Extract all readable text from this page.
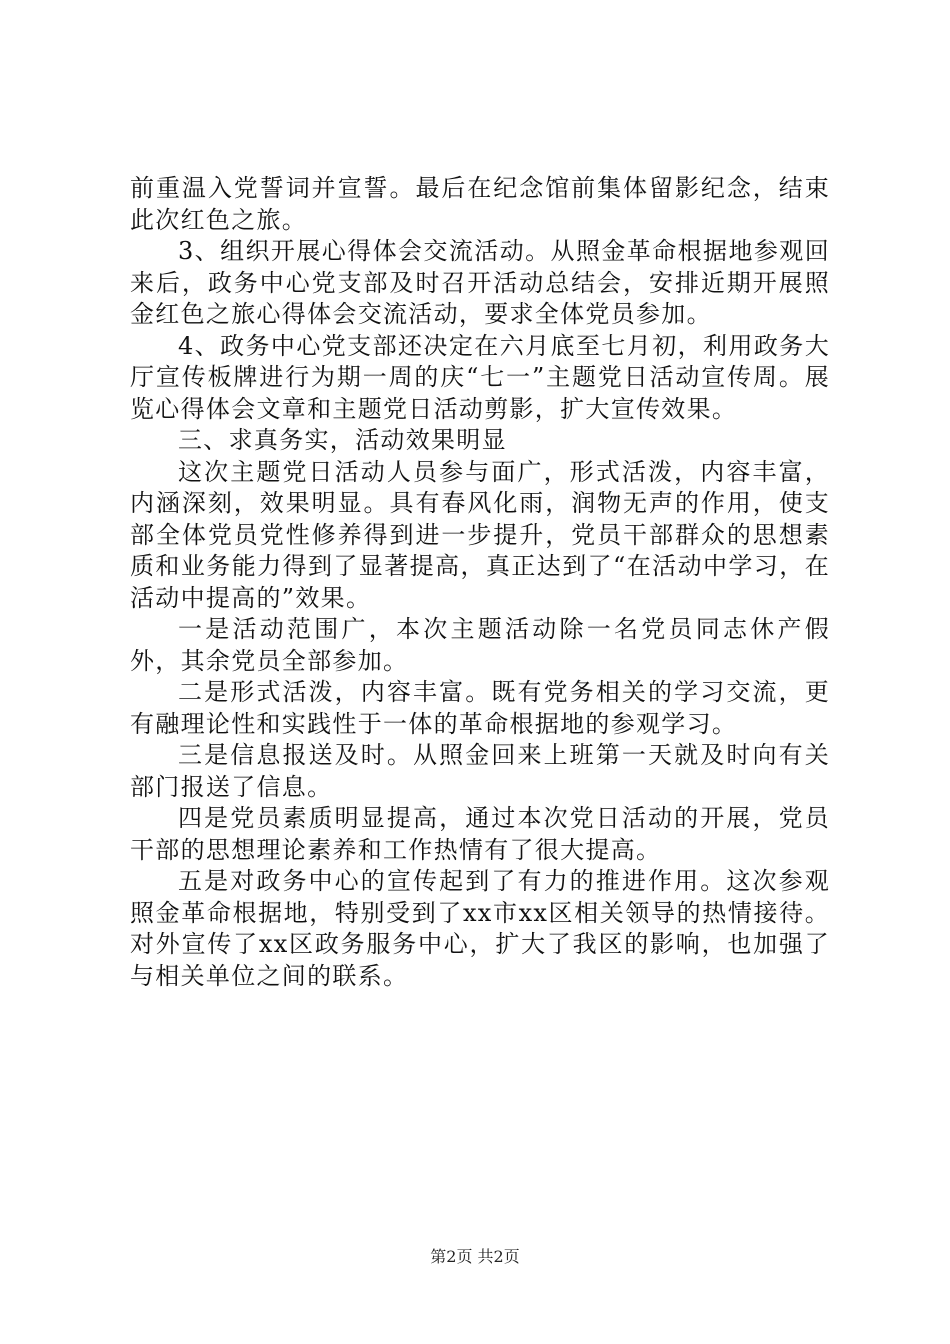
前重温入党誓词并宣誓。最后在纪念馆前集体留影纪念，结束此次红色之旅。

3、组织开展心得体会交流活动。从照金革命根据地参观回来后，政务中心党支部及时召开活动总结会，安排近期开展照金红色之旅心得体会交流活动，要求全体党员参加。

4、政务中心党支部还决定在六月底至七月初，利用政务大厅宣传板牌进行为期一周的庆“七一”主题党日活动宣传周。展览心得体会文章和主题党日活动剪影，扩大宣传效果。

三、求真务实，活动效果明显

这次主题党日活动人员参与面广，形式活泼，内容丰富，内涵深刻，效果明显。具有春风化雨，润物无声的作用，使支部全体党员党性修养得到进一步提升，党员干部群众的思想素质和业务能力得到了显著提高，真正达到了“在活动中学习，在活动中提高的”效果。

一是活动范围广，本次主题活动除一名党员同志休产假外，其余党员全部参加。

二是形式活泼，内容丰富。既有党务相关的学习交流，更有融理论性和实践性于一体的革命根据地的参观学习。

三是信息报送及时。从照金回来上班第一天就及时向有关部门报送了信息。

四是党员素质明显提高，通过本次党日活动的开展，党员干部的思想理论素养和工作热情有了很大提高。

五是对政务中心的宣传起到了有力的推进作用。这次参观照金革命根据地，特别受到了xx市xx区相关领导的热情接待。对外宣传了xx区政务服务中心，扩大了我区的影响，也加强了与相关单位之间的联系。

第2页 共2页
